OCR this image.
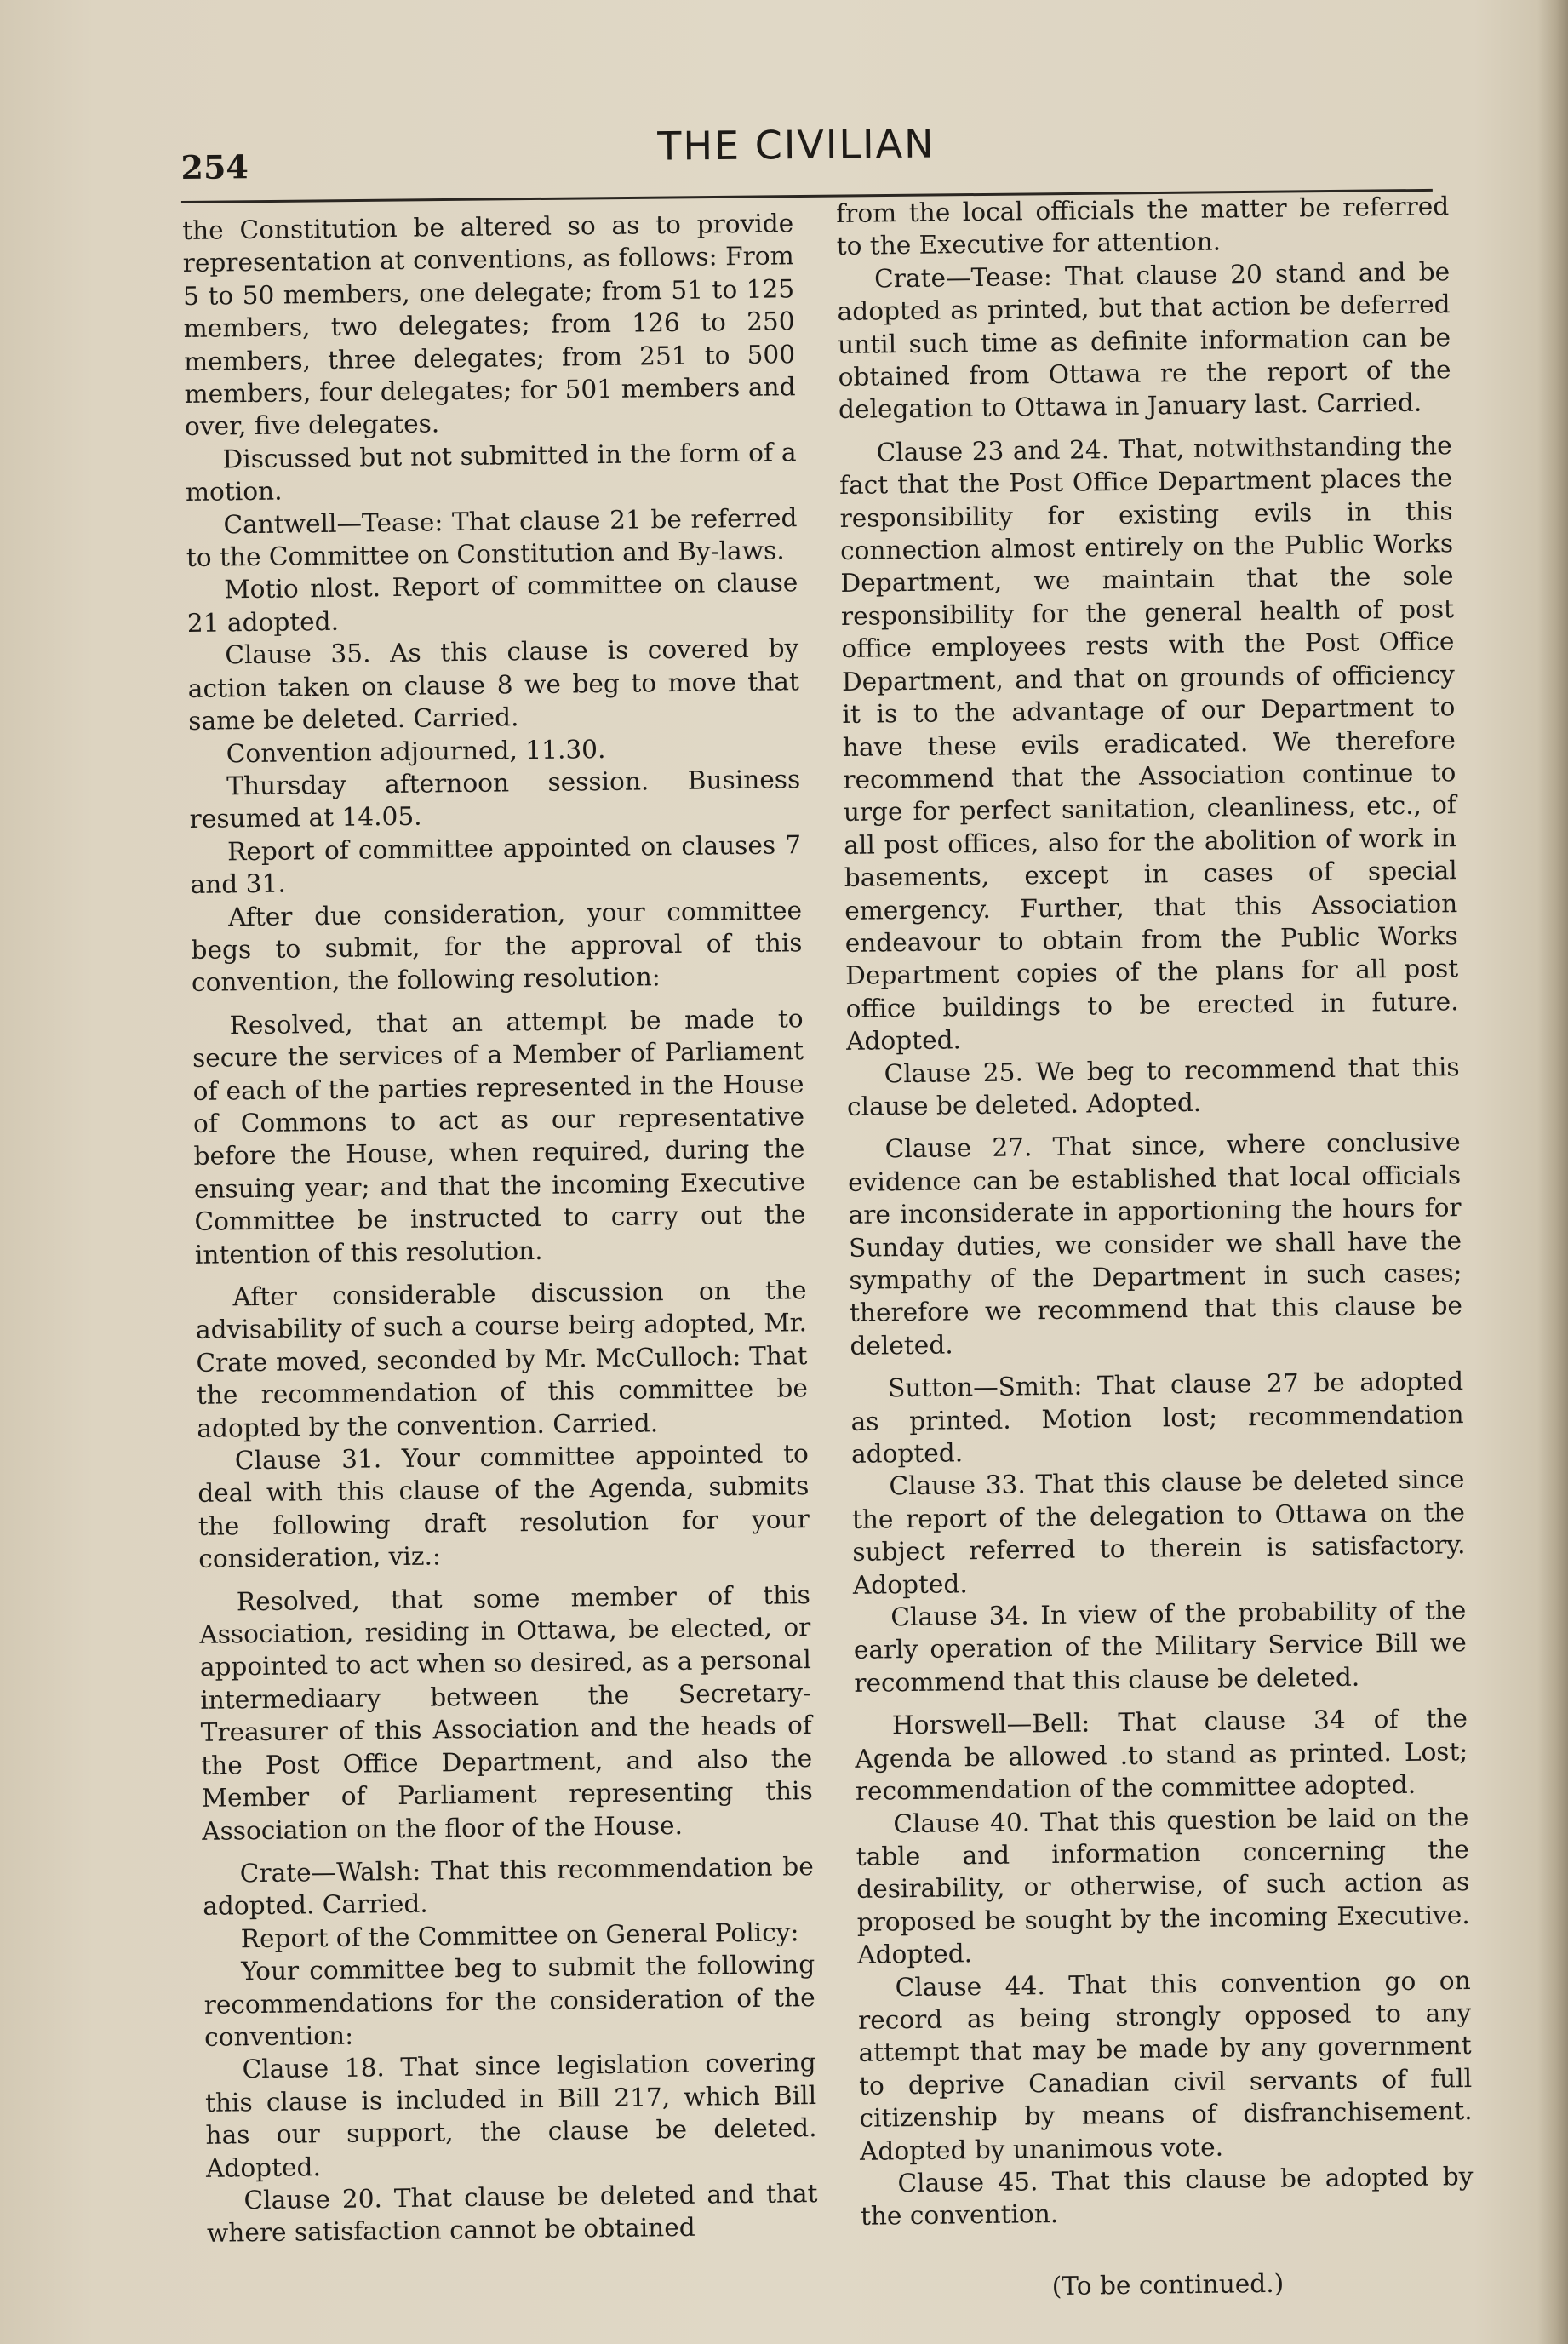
254	THE CIVILIAN

the Constitution be altered so as to provide representation at conventions, as follows: From 5 to 50 members, one delegate; from 51 to 125 members, two delegates; from 126 to 250 members, three delegates; from 251 to 500 members, four delegates; for 501 members and over, five delegates.

Discussed but not submitted in the form of a motion.

Cantwell—Tease: That clause 21 be referred to the Committee on Constitution and By-laws.

Motio nlost. Report of committee on clause 21 adopted.

Clause 35. As this clause is covered by action taken on clause 8 we beg to move that same be deleted. Carried.

Convention adjourned, 11.30.

Thursday afternoon session. Business resumed at 14.05.

Report of committee appointed on clauses 7 and 31.

After due consideration, your committee begs to submit, for the approval of this convention, the following resolution:

Resolved, that an attempt be made to secure the services of a Member of Parliament of each of the parties represented in the House of Commons to act as our representative before the House, when required, during the ensuing year; and that the incoming Executive Committee be instructed to carry out the intention of this resolution.

After considerable discussion on the advisability of such a course beirg adopted, Mr. Crate moved, seconded by Mr. McCulloch: That the recommendation of this committee be adopted by the convention. Carried.

Clause 31. Your committee appointed to deal with this clause of the Agenda, submits the following draft resolution for your consideration, viz.:

Resolved, that some member of this Association, residing in Ottawa, be elected, or appointed to act when so desired, as a personal intermediaary between the Secretary-Treasurer of this Association and the heads of the Post Office Department, and also the Member of Parliament representing this Association on the floor of the House.

Crate—Walsh: That this recommendation be adopted. Carried.

Report of the Committee on General Policy:

Your committee beg to submit the following recommendations for the consideration of the convention:

Clause 18. That since legislation covering this clause is included in Bill 217, which Bill has our support, the clause be deleted. Adopted.

Clause 20. That clause be deleted and that where satisfaction cannot be obtained

from the local officials the matter be referred to the Executive for attention.

Crate—Tease: That clause 20 stand and be adopted as printed, but that action be deferred until such time as definite information can be obtained from Ottawa re the report of the delegation to Ottawa in January last. Carried.

Clause 23 and 24. That, notwithstanding the fact that the Post Office Department places the responsibility for existing evils in this connection almost entirely on the Public Works Department, we maintain that the sole responsibility for the general health of post office employees rests with the Post Office Department, and that on grounds of officiency it is to the advantage of our Department to have these evils eradicated. We therefore recommend that the Association continue to urge for perfect sanitation, cleanliness, etc., of all post offices, also for the abolition of work in basements, except in cases of special emergency. Further, that this Association endeavour to obtain from the Public Works Department copies of the plans for all post office buildings to be erected in future. Adopted.

Clause 25. We beg to recommend that this clause be deleted. Adopted.

Clause 27. That since, where conclusive evidence can be established that local officials are inconsiderate in apportioning the hours for Sunday duties, we consider we shall have the sympathy of the Department in such cases; therefore we recommend that this clause be deleted.

Sutton—Smith: That clause 27 be adopted as printed. Motion lost; recommendation adopted.

Clause 33. That this clause be deleted since the report of the delegation to Ottawa on the subject referred to therein is satisfactory. Adopted.

Clause 34. In view of the probability of the early operation of the Military Service Bill we recommend that this clause be deleted.

Horswell—Bell: That clause 34 of the Agenda be allowed .to stand as printed. Lost; recommendation of the committee adopted.

Clause 40. That this question be laid on the table and information concerning the desirability, or otherwise, of such action as proposed be sought by the incoming Executive. Adopted.

Clause 44. That this convention go on record as being strongly opposed to any attempt that may be made by any government to deprive Canadian civil servants of full citizenship by means of disfranchisement. Adopted by unanimous vote.

Clause 45. That this clause be adopted by the convention.

(To be continued.)
